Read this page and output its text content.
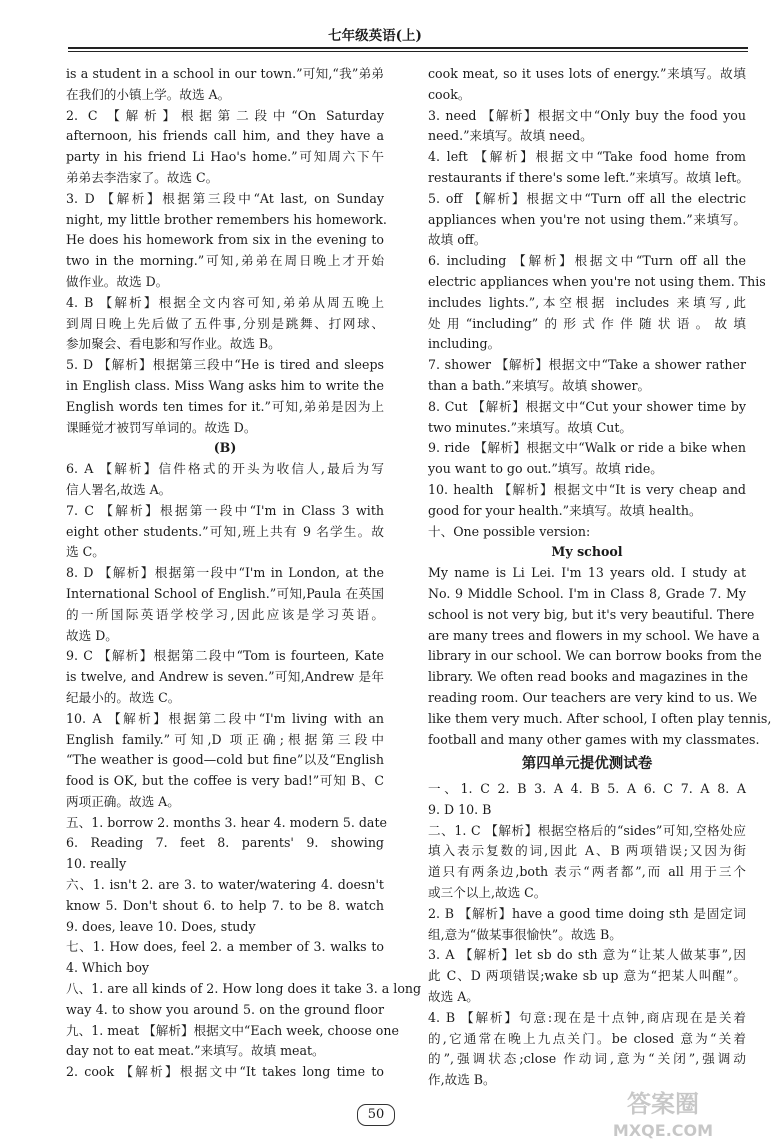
七年级英语(上)
is a student in a school in our town.”可知,“我”弟弟
在我们的小镇上学。故选 A。
2. C 【解析】根据第二段中“On Saturday
afternoon, his friends call him, and they have a
party in his friend Li Hao's home.”可知周六下午
弟弟去李浩家了。故选 C。
3. D 【解析】根据第三段中“At last, on Sunday
night, my little brother remembers his homework.
He does his homework from six in the evening to
two in the morning.”可知,弟弟在周日晚上才开始
做作业。故选 D。
4. B 【解析】根据全文内容可知,弟弟从周五晚上
到周日晚上先后做了五件事,分别是跳舞、打网球、
参加聚会、看电影和写作业。故选 B。
5. D 【解析】根据第三段中“He is tired and sleeps
in English class. Miss Wang asks him to write the
English words ten times for it.”可知,弟弟是因为上
课睡觉才被罚写单词的。故选 D。
(B)
6. A 【解析】信件格式的开头为收信人,最后为写
信人署名,故选 A。
7. C 【解析】根据第一段中“I'm in Class 3 with
eight other students.”可知,班上共有 9 名学生。故
选 C。
8. D 【解析】根据第一段中“I'm in London, at the
International School of English.”可知,Paula 在英国
的一所国际英语学校学习,因此应该是学习英语。
故选 D。
9. C 【解析】根据第二段中“Tom is fourteen, Kate
is twelve, and Andrew is seven.”可知,Andrew 是年
纪最小的。故选 C。
10. A 【解析】根据第二段中“I'm living with an
English family.”可知,D 项正确;根据第三段中
“The weather is good—cold but fine”以及“English
food is OK, but the coffee is very bad!”可知 B、C
两项正确。故选 A。
五、1. borrow 2. months 3. hear 4. modern 5. date
6. Reading 7. feet 8. parents' 9. showing
10. really
六、1. isn't 2. are 3. to water/watering 4. doesn't
know 5. Don't shout 6. to help 7. to be 8. watch
9. does, leave 10. Does, study
七、1. How does, feel 2. a member of 3. walks to
4. Which boy
八、1. are all kinds of 2. How long does it take 3. a long
way 4. to show you around 5. on the ground floor
九、1. meat 【解析】根据文中“Each week, choose one
day not to eat meat.”来填写。故填 meat。
2. cook 【解析】根据文中“It takes long time to
cook meat, so it uses lots of energy.”来填写。故填
cook。
3. need 【解析】根据文中“Only buy the food you
need.”来填写。故填 need。
4. left 【解析】根据文中“Take food home from
restaurants if there's some left.”来填写。故填 left。
5. off 【解析】根据文中“Turn off all the electric
appliances when you're not using them.”来填写。
故填 off。
6. including 【解析】根据文中“Turn off all the
electric appliances when you're not using them. This
includes lights.”,本空根据 includes 来填写,此
处用“including”的形式作伴随状语。故填
including。
7. shower 【解析】根据文中“Take a shower rather
than a bath.”来填写。故填 shower。
8. Cut 【解析】根据文中“Cut your shower time by
two minutes.”来填写。故填 Cut。
9. ride 【解析】根据文中“Walk or ride a bike when
you want to go out.”填写。故填 ride。
10. health 【解析】根据文中“It is very cheap and
good for your health.”来填写。故填 health。
十、One possible version:
My school
My name is Li Lei. I'm 13 years old. I study at
No. 9 Middle School. I'm in Class 8, Grade 7. My
school is not very big, but it's very beautiful. There
are many trees and flowers in my school. We have a
library in our school. We can borrow books from the
library. We often read books and magazines in the
reading room. Our teachers are very kind to us. We
like them very much. After school, I often play tennis,
football and many other games with my classmates.
第四单元提优测试卷
一、1. C 2. B 3. A 4. B 5. A 6. C 7. A 8. A
9. D 10. B
二、1. C 【解析】根据空格后的“sides”可知,空格处应
填入表示复数的词,因此 A、B 两项错误;又因为街
道只有两条边,both 表示“两者都”,而 all 用于三个
或三个以上,故选 C。
2. B 【解析】have a good time doing sth 是固定词
组,意为“做某事很愉快”。故选 B。
3. A 【解析】let sb do sth 意为“让某人做某事”,因
此 C、D 两项错误;wake sb up 意为“把某人叫醒”。
故选 A。
4. B 【解析】句意:现在是十点钟,商店现在是关着
的,它通常在晚上九点关门。be closed 意为“关着
的”,强调状态;close 作动词,意为“关闭”,强调动
作,故选 B。
50	答案圈
MXQE.COM
